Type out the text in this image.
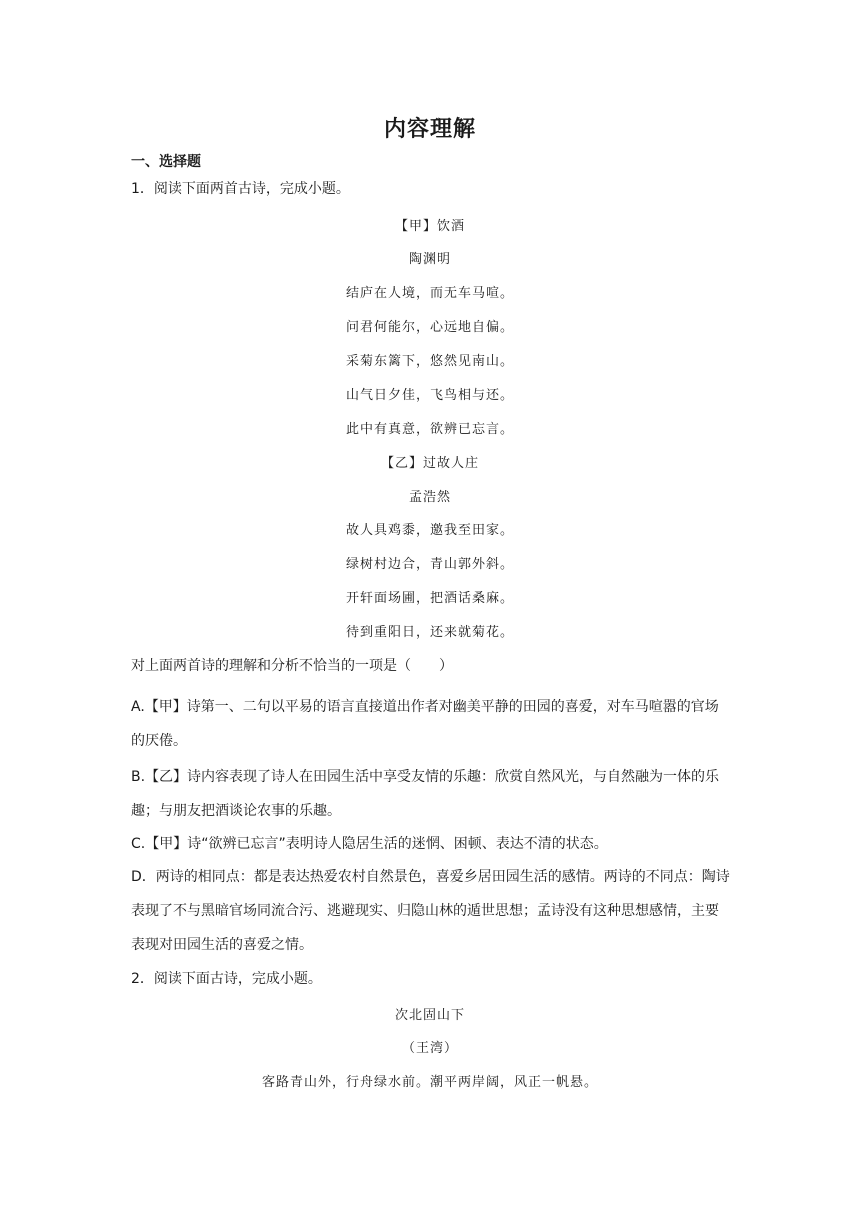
内容理解
一、选择题
1．阅读下面两首古诗，完成小题。
【甲】饮酒
陶渊明
结庐在人境，而无车马喧。
问君何能尔，心远地自偏。
采菊东篱下，悠然见南山。
山气日夕佳，飞鸟相与还。
此中有真意，欲辨已忘言。
【乙】过故人庄
孟浩然
故人具鸡黍，邀我至田家。
绿树村边合，青山郭外斜。
开轩面场圃，把酒话桑麻。
待到重阳日，还来就菊花。
对上面两首诗的理解和分析不恰当的一项是（　　）
A.【甲】诗第一、二句以平易的语言直接道出作者对幽美平静的田园的喜爱，对车马喧嚣的官场的厌倦。
B.【乙】诗内容表现了诗人在田园生活中享受友情的乐趣：欣赏自然风光，与自然融为一体的乐趣；与朋友把酒谈论农事的乐趣。
C.【甲】诗“欲辨已忘言”表明诗人隐居生活的迷惘、困顿、表达不清的状态。
D．两诗的相同点：都是表达热爱农村自然景色，喜爱乡居田园生活的感情。两诗的不同点：陶诗表现了不与黑暗官场同流合污、逃避现实、归隐山林的遁世思想；孟诗没有这种思想感情，主要表现对田园生活的喜爱之情。
2．阅读下面古诗，完成小题。
次北固山下
（王湾）
客路青山外，行舟绿水前。潮平两岸阔，风正一帆悬。
